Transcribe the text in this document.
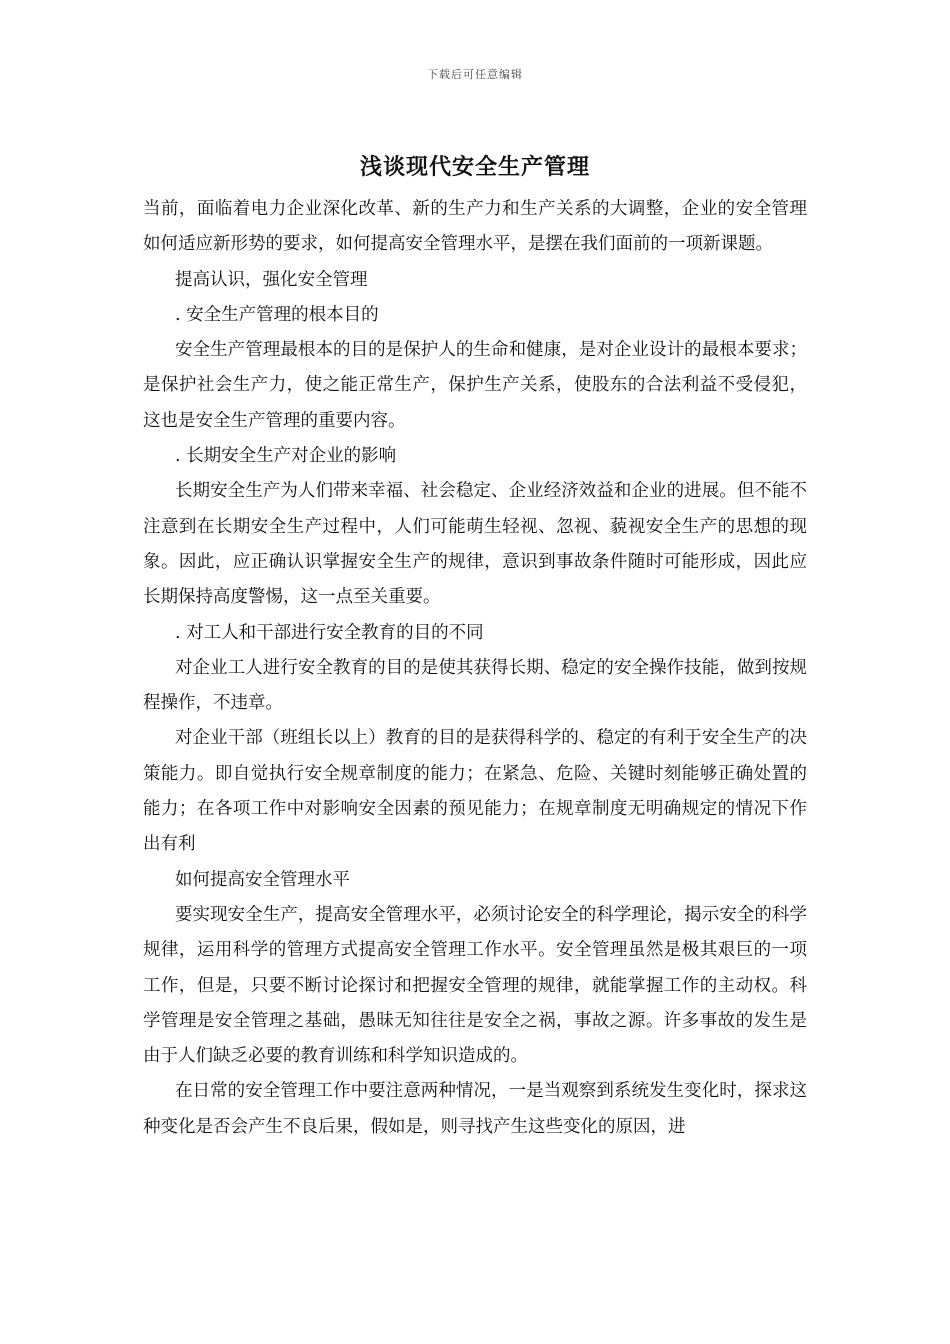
下载后可任意编辑
浅谈现代安全生产管理

当前，面临着电力企业深化改革、新的生产力和生产关系的大调整，企业的安全管理如何适应新形势的要求，如何提高安全管理水平，是摆在我们面前的一项新课题。

提高认识，强化安全管理

. 安全生产管理的根本目的

安全生产管理最根本的目的是保护人的生命和健康，是对企业设计的最根本要求；是保护社会生产力，使之能正常生产，保护生产关系，使股东的合法利益不受侵犯，这也是安全生产管理的重要内容。

. 长期安全生产对企业的影响

长期安全生产为人们带来幸福、社会稳定、企业经济效益和企业的进展。但不能不注意到在长期安全生产过程中，人们可能萌生轻视、忽视、藐视安全生产的思想的现象。因此，应正确认识掌握安全生产的规律，意识到事故条件随时可能形成，因此应长期保持高度警惕，这一点至关重要。

. 对工人和干部进行安全教育的目的不同

对企业工人进行安全教育的目的是使其获得长期、稳定的安全操作技能，做到按规程操作，不违章。

对企业干部（班组长以上）教育的目的是获得科学的、稳定的有利于安全生产的决策能力。即自觉执行安全规章制度的能力；在紧急、危险、关键时刻能够正确处置的能力；在各项工作中对影响安全因素的预见能力；在规章制度无明确规定的情况下作出有利

如何提高安全管理水平

要实现安全生产，提高安全管理水平，必须讨论安全的科学理论，揭示安全的科学规律，运用科学的管理方式提高安全管理工作水平。安全管理虽然是极其艰巨的一项工作，但是，只要不断讨论探讨和把握安全管理的规律，就能掌握工作的主动权。科学管理是安全管理之基础，愚昧无知往往是安全之祸，事故之源。许多事故的发生是由于人们缺乏必要的教育训练和科学知识造成的。

在日常的安全管理工作中要注意两种情况，一是当观察到系统发生变化时，探求这种变化是否会产生不良后果，假如是，则寻找产生这些变化的原因，进
